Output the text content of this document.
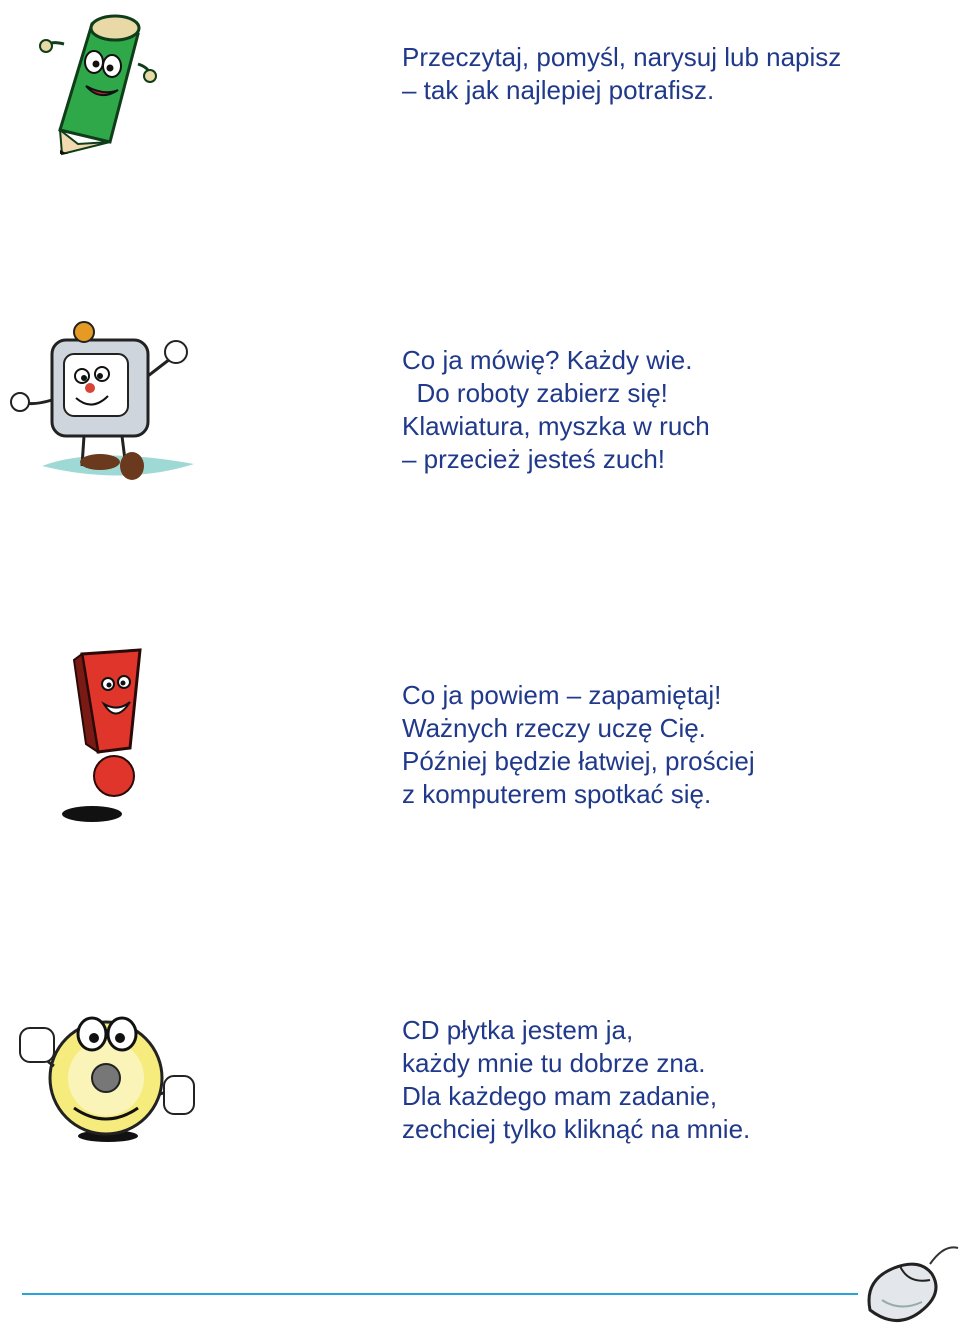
Przeczytaj, pomyśl, narysuj lub napisz

– tak jak najlepiej potrafisz.

Co ja mówię? Każdy wie.

Do roboty zabierz się!

Klawiatura, myszka w ruch

– przecież jesteś zuch!

Co ja powiem – zapamiętaj!

Ważnych rzeczy uczę Cię.

Później będzie łatwiej, prościej

z komputerem spotkać się.

CD płytka jestem ja,

każdy mnie tu dobrze zna.

Dla każdego mam zadanie,

zechciej tylko kliknąć na mnie.
